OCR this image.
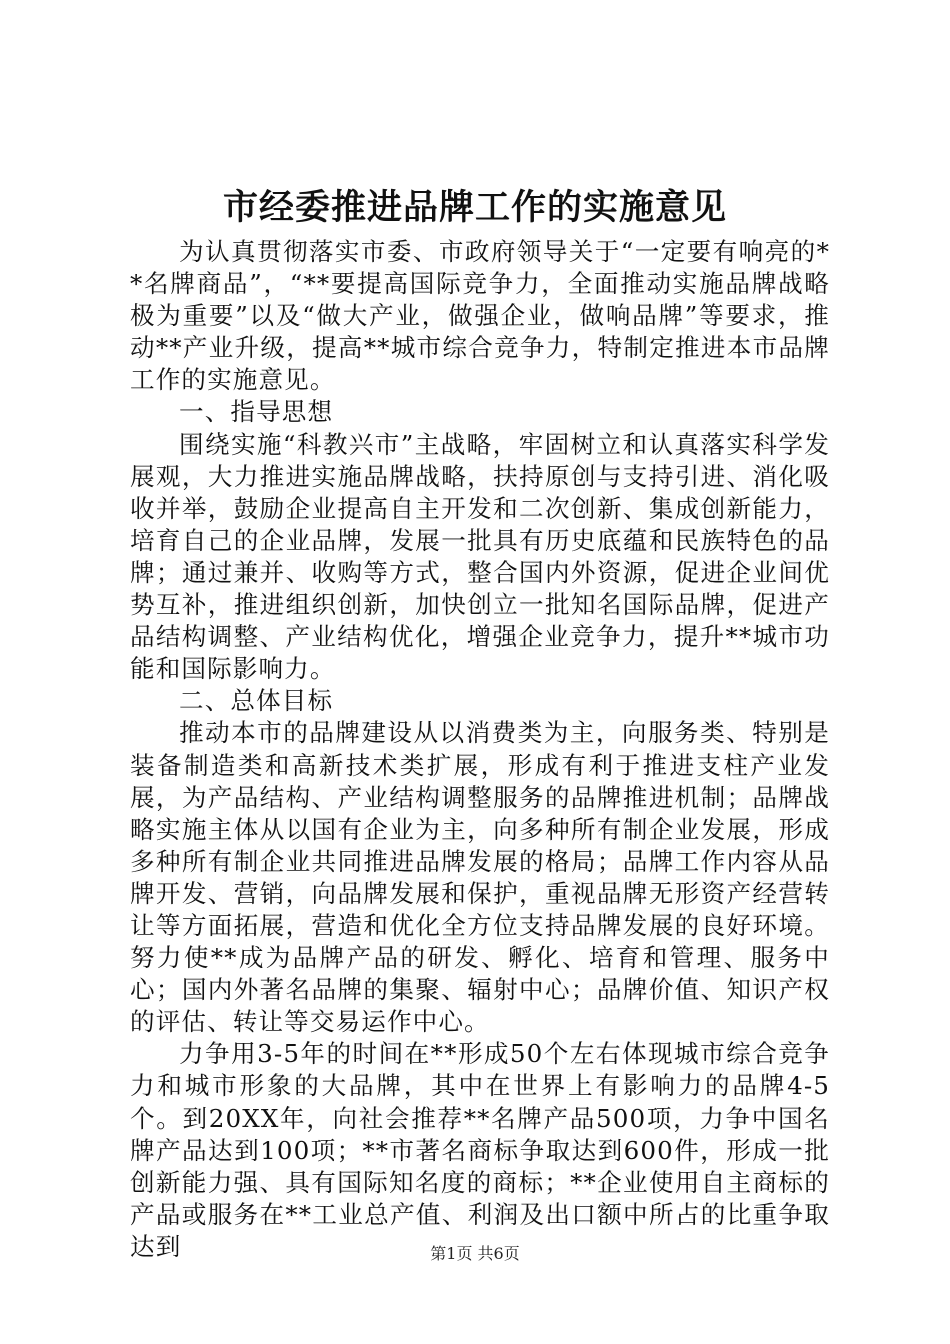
市经委推进品牌工作的实施意见

为认真贯彻落实市委、市政府领导关于“一定要有响亮的**名牌商品”，“**要提高国际竞争力，全面推动实施品牌战略极为重要”以及“做大产业，做强企业，做响品牌”等要求，推动**产业升级，提高**城市综合竞争力，特制定推进本市品牌工作的实施意见。

一、指导思想

围绕实施“科教兴市”主战略，牢固树立和认真落实科学发展观，大力推进实施品牌战略，扶持原创与支持引进、消化吸收并举，鼓励企业提高自主开发和二次创新、集成创新能力，培育自己的企业品牌，发展一批具有历史底蕴和民族特色的品牌；通过兼并、收购等方式，整合国内外资源，促进企业间优势互补，推进组织创新，加快创立一批知名国际品牌，促进产品结构调整、产业结构优化，增强企业竞争力，提升**城市功能和国际影响力。

二、总体目标

推动本市的品牌建设从以消费类为主，向服务类、特别是装备制造类和高新技术类扩展，形成有利于推进支柱产业发展，为产品结构、产业结构调整服务的品牌推进机制；品牌战略实施主体从以国有企业为主，向多种所有制企业发展，形成多种所有制企业共同推进品牌发展的格局；品牌工作内容从品牌开发、营销，向品牌发展和保护，重视品牌无形资产经营转让等方面拓展，营造和优化全方位支持品牌发展的良好环境。努力使**成为品牌产品的研发、孵化、培育和管理、服务中心；国内外著名品牌的集聚、辐射中心；品牌价值、知识产权的评估、转让等交易运作中心。

力争用3-5年的时间在**形成50个左右体现城市综合竞争力和城市形象的大品牌，其中在世界上有影响力的品牌4-5个。到20XX年，向社会推荐**名牌产品500项，力争中国名牌产品达到100项；**市著名商标争取达到600件，形成一批创新能力强、具有国际知名度的商标；**企业使用自主商标的产品或服务在**工业总产值、利润及出口额中所占的比重争取达到	第1页 共6页
